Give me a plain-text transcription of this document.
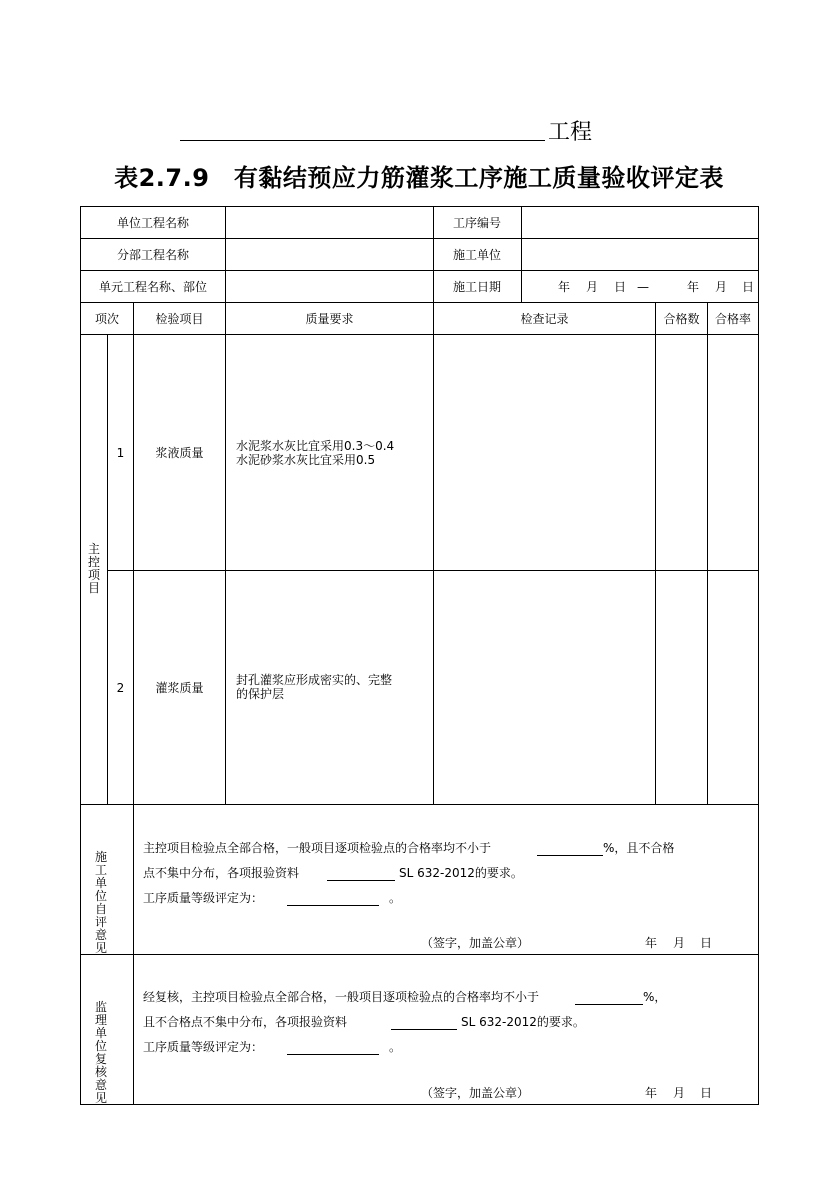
工程
表2.7.9　有黏结预应力筋灌浆工序施工质量验收评定表
单位工程名称	工序编号
分部工程名称	施工单位
单元工程名称、部位	施工日期	年 月 日 —	年 月 日
项次	检验项目	质量要求	检查记录	合格数	合格率
主控项目
1	浆液质量	水泥浆水灰比宜采用0.3～0.4
水泥砂浆水灰比宜采用0.5
2	灌浆质量
封孔灌浆应形成密实的、完整
的保护层
施工单位自评意见
主控项目检验点全部合格，一般项目逐项检验点的合格率均不小于	%，且不合格
点不集中分布，各项报验资料	SL 632-2012的要求。
工序质量等级评定为：	。
（签字，加盖公章）	年 月 日
监理单位复核意见
经复核，主控项目检验点全部合格，一般项目逐项检验点的合格率均不小于	%，
且不合格点不集中分布，各项报验资料	SL 632-2012的要求。
工序质量等级评定为：	。
（签字，加盖公章）	年 月 日
